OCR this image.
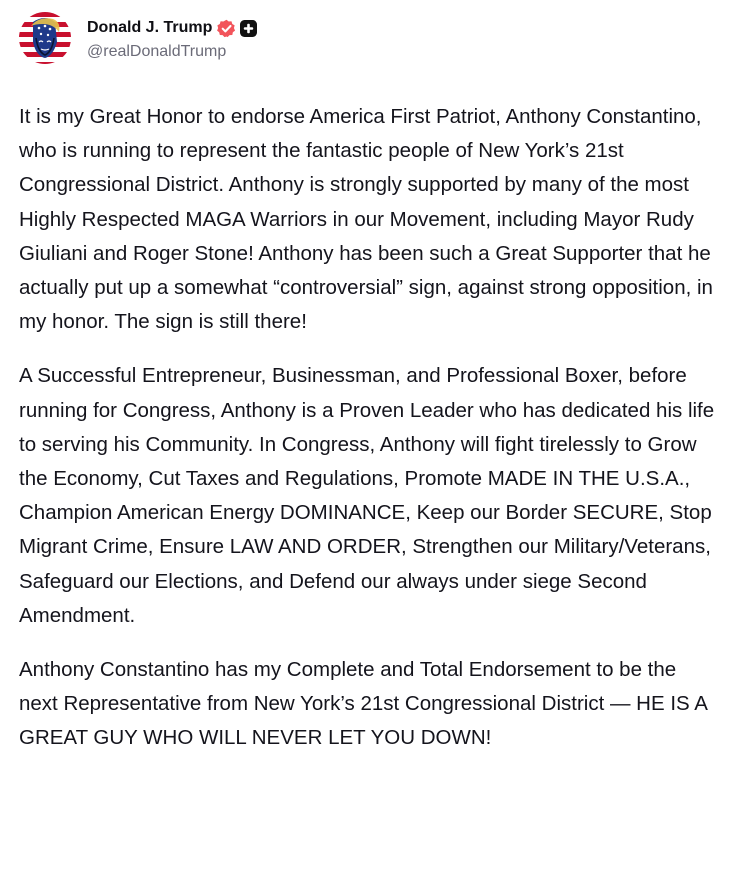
Donald J. Trump
@realDonaldTrump

It is my Great Honor to endorse America First Patriot, Anthony Constantino, who is running to represent the fantastic people of New York’s 21st Congressional District. Anthony is strongly supported by many of the most Highly Respected MAGA Warriors in our Movement, including Mayor Rudy Giuliani and Roger Stone! Anthony has been such a Great Supporter that he actually put up a somewhat “controversial” sign, against strong opposition, in my honor. The sign is still there!

A Successful Entrepreneur, Businessman, and Professional Boxer, before running for Congress, Anthony is a Proven Leader who has dedicated his life to serving his Community. In Congress, Anthony will fight tirelessly to Grow the Economy, Cut Taxes and Regulations, Promote MADE IN THE U.S.A., Champion American Energy DOMINANCE, Keep our Border SECURE, Stop Migrant Crime, Ensure LAW AND ORDER, Strengthen our Military/Veterans, Safeguard our Elections, and Defend our always under siege Second Amendment.

Anthony Constantino has my Complete and Total Endorsement to be the next Representative from New York’s 21st Congressional District — HE IS A GREAT GUY WHO WILL NEVER LET YOU DOWN!
